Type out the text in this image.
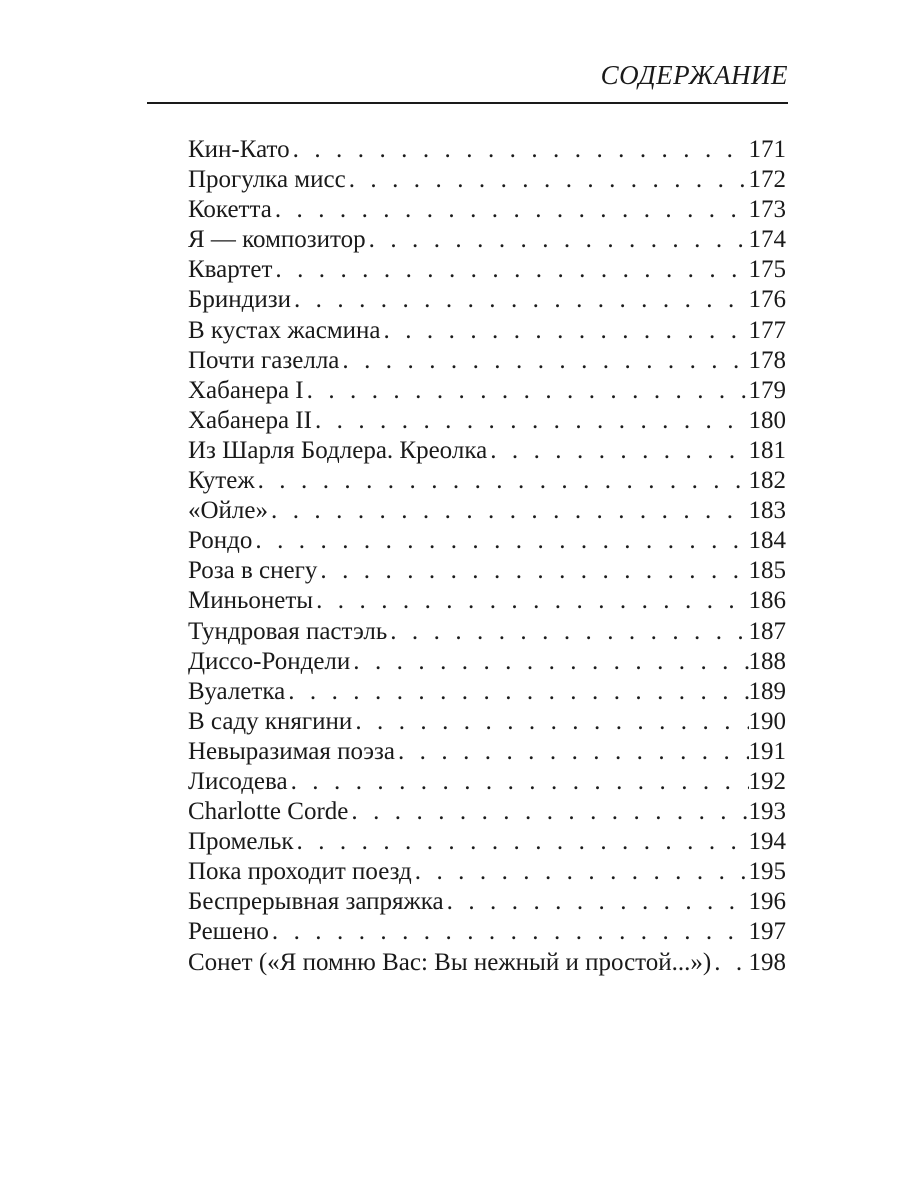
СОДЕРЖАНИЕ
Кин-Като . . .	171
Прогулка мисс . . .	172
Кокетта . . .	173
Я — композитор . . .	174
Квартет . . .	175
Бриндизи . . .	176
В кустах жасмина . . .	177
Почти газелла . . .	178
Хабанера I . . .	179
Хабанера II . . .	180
Из Шарля Бодлера. Креолка . . .	181
Кутеж . . .	182
«Ойле» . . .	183
Рондо . . .	184
Роза в снегу . . .	185
Миньонеты . . .	186
Тундровая пастэль . . .	187
Диссо-Рондели . . .	188
Вуалетка . . .	189
В саду княгини . . .	190
Невыразимая поэза . . .	191
Лисодева . . .	192
Charlotte Corde . . .	193
Промельк . . .	194
Пока проходит поезд . . .	195
Беспрерывная запряжка . . .	196
Решено . . .	197
Сонет («Я помню Вас: Вы нежный и простой...») . . . 198
